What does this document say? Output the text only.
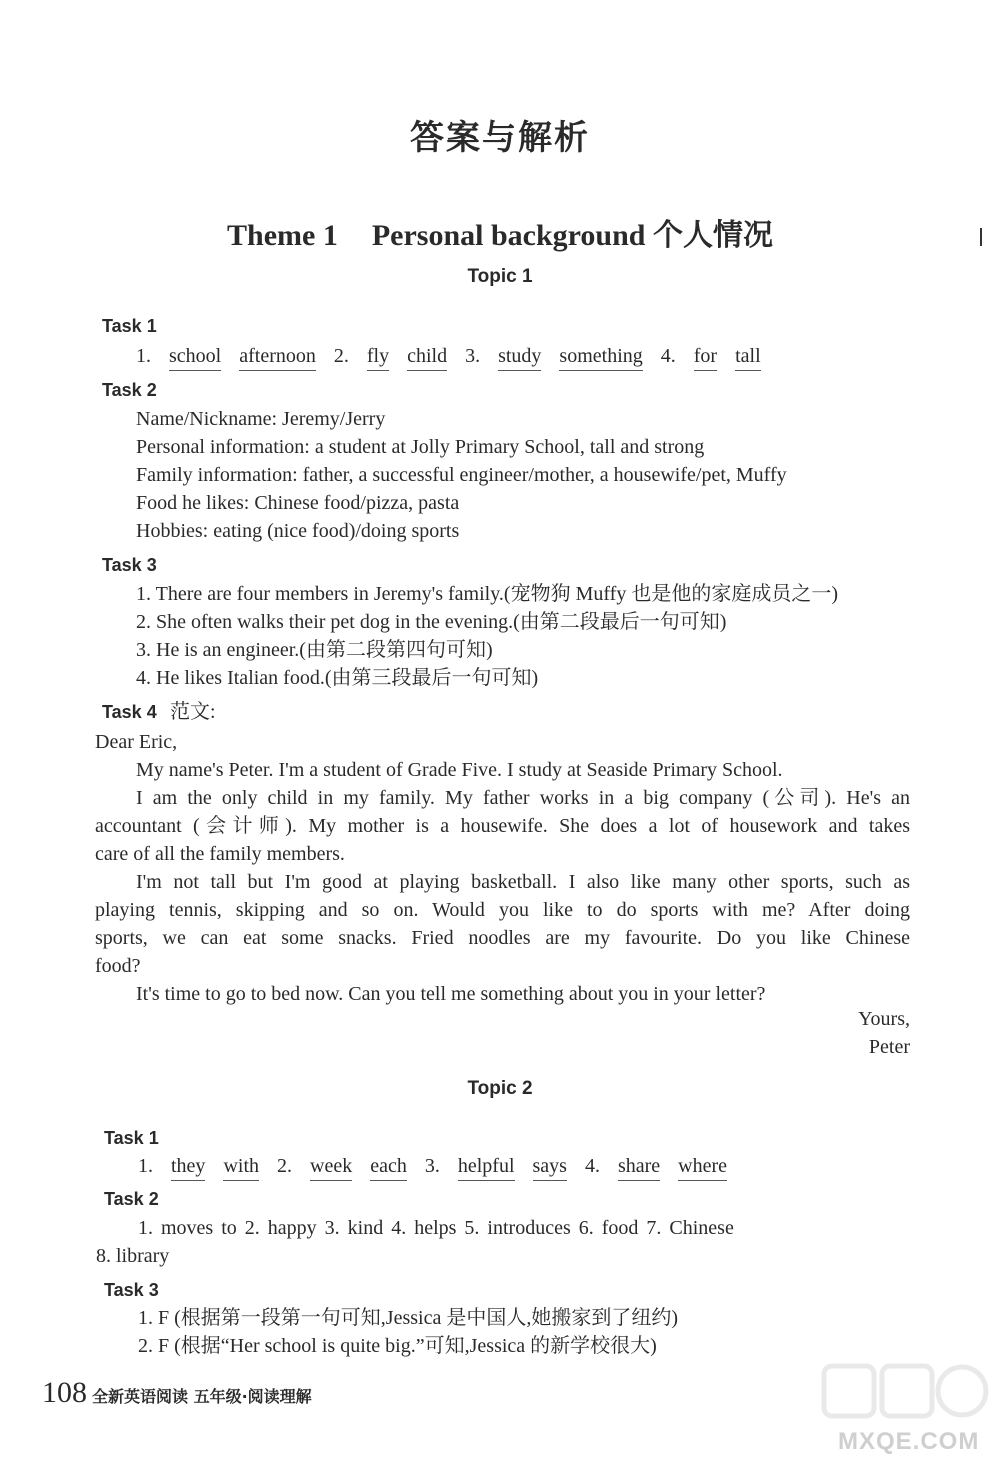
答案与解析
Theme 1 Personal background 个人情况
Topic 1
Task 1
1. school afternoon 2. fly child 3. study something 4. for tall
Task 2
Name/Nickname: Jeremy/Jerry
Personal information: a student at Jolly Primary School, tall and strong
Family information: father, a successful engineer/mother, a housewife/pet, Muffy
Food he likes: Chinese food/pizza, pasta
Hobbies: eating (nice food)/doing sports
Task 3
1. There are four members in Jeremy's family.(宠物狗 Muffy 也是他的家庭成员之一)
2. She often walks their pet dog in the evening.(由第二段最后一句可知)
3. He is an engineer.(由第二段第四句可知)
4. He likes Italian food.(由第三段最后一句可知)
Task 4 范文:
Dear Eric,
My name's Peter. I'm a student of Grade Five. I study at Seaside Primary School.
I am the only child in my family. My father works in a big company (公司). He's an
accountant (会计师). My mother is a housewife. She does a lot of housework and takes
care of all the family members.
I'm not tall but I'm good at playing basketball. I also like many other sports, such as
playing tennis, skipping and so on. Would you like to do sports with me? After doing
sports, we can eat some snacks. Fried noodles are my favourite. Do you like Chinese
food?
It's time to go to bed now. Can you tell me something about you in your letter?
Yours,
Peter
Topic 2
Task 1
1. they with 2. week each 3. helpful says 4. share where
Task 2
1. moves to 2. happy 3. kind 4. helps 5. introduces 6. food 7. Chinese
8. library
Task 3
1. F (根据第一段第一句可知,Jessica 是中国人,她搬家到了纽约)
2. F (根据“Her school is quite big.”可知,Jessica 的新学校很大)
108 全新英语阅读 五年级·阅读理解
MXQE.COM
